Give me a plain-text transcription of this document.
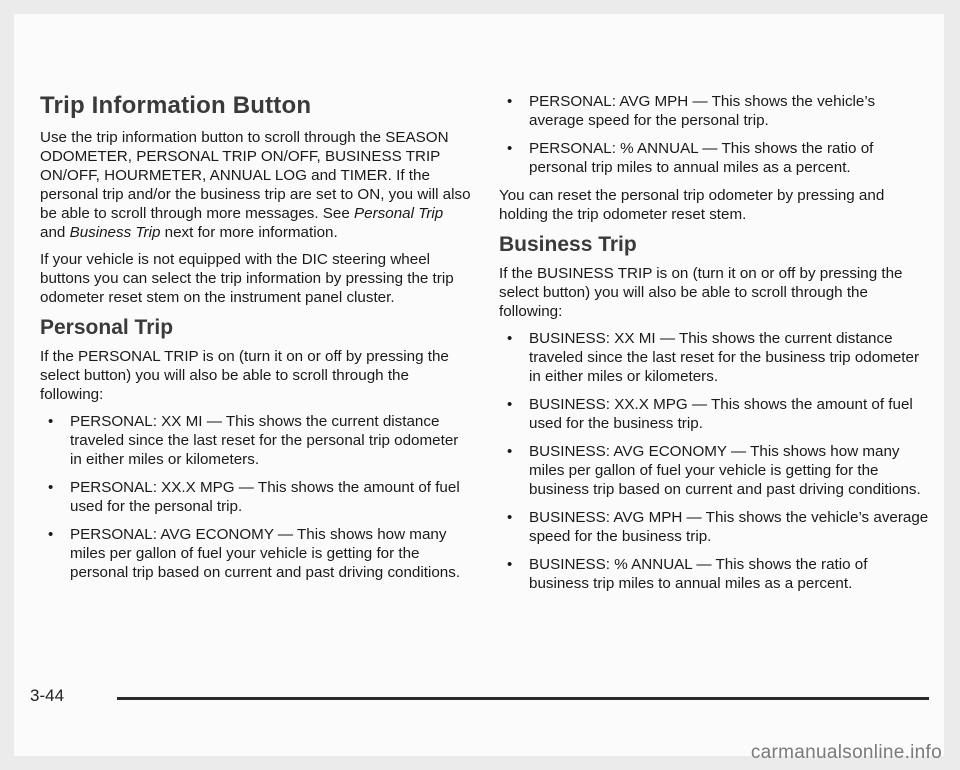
Trip Information Button

Use the trip information button to scroll through the SEASON ODOMETER, PERSONAL TRIP ON/OFF, BUSINESS TRIP ON/OFF, HOURMETER, ANNUAL LOG and TIMER. If the personal trip and/or the business trip are set to ON, you will also be able to scroll through more messages. See Personal Trip and Business Trip next for more information.

If your vehicle is not equipped with the DIC steering wheel buttons you can select the trip information by pressing the trip odometer reset stem on the instrument panel cluster.

Personal Trip

If the PERSONAL TRIP is on (turn it on or off by pressing the select button) you will also be able to scroll through the following:

• PERSONAL: XX MI — This shows the current distance traveled since the last reset for the personal trip odometer in either miles or kilometers.
• PERSONAL: XX.X MPG — This shows the amount of fuel used for the personal trip.
• PERSONAL: AVG ECONOMY — This shows how many miles per gallon of fuel your vehicle is getting for the personal trip based on current and past driving conditions.
• PERSONAL: AVG MPH — This shows the vehicle’s average speed for the personal trip.
• PERSONAL: % ANNUAL — This shows the ratio of personal trip miles to annual miles as a percent.

You can reset the personal trip odometer by pressing and holding the trip odometer reset stem.

Business Trip

If the BUSINESS TRIP is on (turn it on or off by pressing the select button) you will also be able to scroll through the following:

• BUSINESS: XX MI — This shows the current distance traveled since the last reset for the business trip odometer in either miles or kilometers.
• BUSINESS: XX.X MPG — This shows the amount of fuel used for the business trip.
• BUSINESS: AVG ECONOMY — This shows how many miles per gallon of fuel your vehicle is getting for the business trip based on current and past driving conditions.
• BUSINESS: AVG MPH — This shows the vehicle’s average speed for the business trip.
• BUSINESS: % ANNUAL — This shows the ratio of business trip miles to annual miles as a percent.
3-44
carmanualsonline.info
